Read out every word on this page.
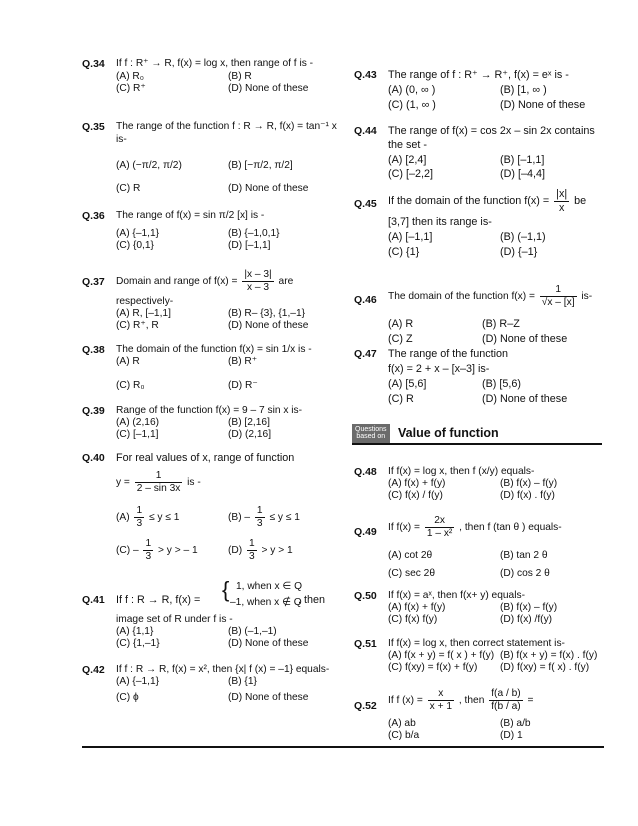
Q.34 If f : R⁺ → R, f(x) = log x, then range of f is -
(A) R₀	(B) R
(C) R⁺	(D) None of these
Q.35 The range of the function f : R → R, f(x) = tan⁻¹ x
is-
(A) (−π/2, π/2)	(B) [−π/2, π/2]
(C) R	(D) None of these
Q.36 The range of f(x) = sin π/2 [x] is -
(A) {–1,1}	(B) {–1,0,1}
(C) {0,1}	(D) [–1,1]
Q.37 Domain and range of $f(x) = \frac{|x - 3|}{x - 3}$ are
respectively-
(A) R, [–1,1]	(B) R– {3}, {1,–1}
(C) R⁺, R	(D) None of these
Q.38 The domain of the function f(x) = sin 1/x is -
(A) R	(B) R⁺
(C) R₀	(D) R⁻
Q.39 Range of the function f(x) = 9 – 7 sin x is-
(A) (2,16)	(B) [2,16]
(C) [–1,1]	(D) (2,16]
Q.40 For real values of x, range of function
$y = \frac{1}{2 - \sin 3x}$ is -
$(A) \frac{1}{3} \le y \le 1$	$(B) - \frac{1}{3} \le y \le 1$
$(C) - \frac{1}{3} > y$ > – 1	$(D) \frac{1}{3} > y > 1$
Q.41 If f : R → R, f(x) = { 1, when x ∈ Q
–1, when x ∉ Q
, then
image set of R under f is -
(A) {1,1}	(B) (–1,–1)
(C) {1,–1}	(D) None of these
Q.42 If f : R → R, f(x) = x², then {x| f (x) = –1} equals-
(A) {–1,1}	(B) {1}
(C) ϕ	(D) None of these
Q.43 The range of f : R⁺ → R⁺, f(x) = eˣ is -
(A) (0, ∞ )	(B) [1, ∞ )
(C) (1, ∞ )	(D) None of these
Q.44 The range of f(x) = cos 2x – sin 2x contains
the set -
(A) [2,4]	(B) [–1,1]
(C) [–2,2]	(D) [–4,4]
Q.45 If the domain of the function $f(x) = \frac{|x|}{x}$ be
[3,7] then its range is-
(A) [–1,1]	(B) (–1,1)
(C) {1}	(D) {–1}
Q.46 The domain of the function $f(x) = \frac{1}{√x - [x]} is-$
(A) R	(B) R–Z
(C) Z	(D) None of these
Q.47 The range of the function
f(x) = 2 + x – [x–3] is-
(A) [5,6]	(B) [5,6)
(C) R	(D) None of these
Questions
based on Value of function
Q.48 If f(x) = log x, then f (x/y) equals-
(A) f(x) + f(y)	(B) f(x) – f(y)
(C) f(x) / f(y)	(D) f(x) . f(y)
Q.49 If $f(x) = \frac{2x}{\text{1 – x²}}$ , then f (tan θ ) equals-
(A) cot 2θ	(B) tan 2 θ
(C) sec 2θ	(D) cos 2 θ
Q.50 If f(x) = aˣ, then f(x+ y) equals-
(A) f(x) + f(y)	(B) f(x) – f(y)
(C) f(x) f(y)	(D) f(x) /f(y)
Q.51 If f(x) = log x, then correct statement is-
(A) f(x + y) = f( x ) + f(y) (B) f(x + y) = f(x) . f(y)
(C) f(xy) = f(x) + f(y) (D) f(xy) = f( x) . f(y)
Q.52 If f $(x) = \frac{x}{x + 1}$ , then $\frac{f(a / b)}{f(b / a)}$ =
(A) ab	(B) a/b
(C) b/a	(D) 1
